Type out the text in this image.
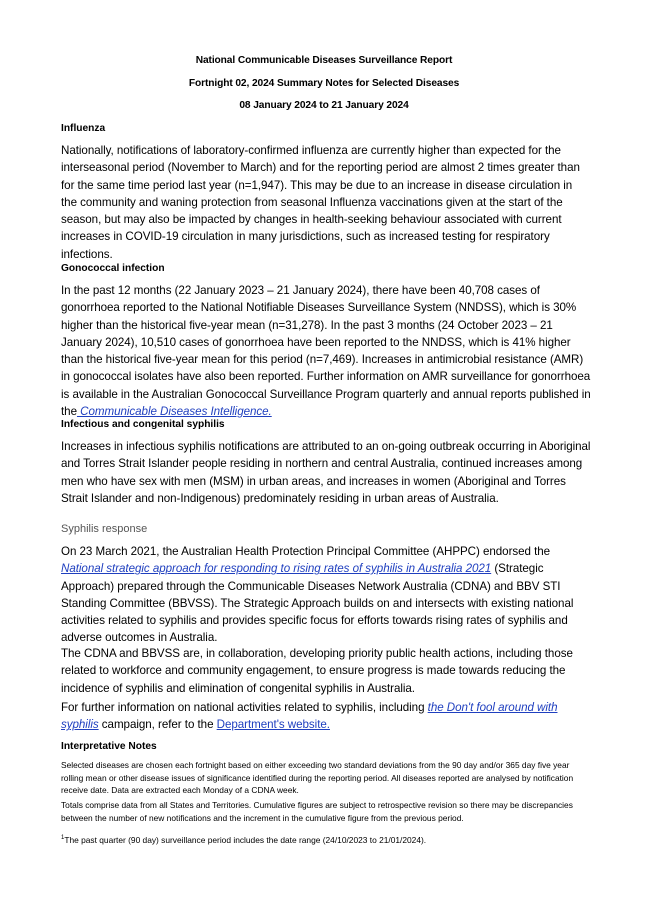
National Communicable Diseases Surveillance Report
Fortnight 02, 2024 Summary Notes for Selected Diseases
08 January 2024 to 21 January 2024
Influenza

Nationally, notifications of laboratory-confirmed influenza are currently higher than expected for the interseasonal period (November to March) and for the reporting period are almost 2 times greater than for the same time period last year (n=1,947). This may be due to an increase in disease circulation in the community and waning protection from seasonal Influenza vaccinations given at the start of the season, but may also be impacted by changes in health-seeking behaviour associated with current increases in COVID-19 circulation in many jurisdictions, such as increased testing for respiratory infections.

Gonococcal infection

In the past 12 months (22 January 2023 – 21 January 2024), there have been 40,708 cases of gonorrhoea reported to the National Notifiable Diseases Surveillance System (NNDSS), which is 30% higher than the historical five-year mean (n=31,278). In the past 3 months (24 October 2023 – 21 January 2024), 10,510 cases of gonorrhoea have been reported to the NNDSS, which is 41% higher than the historical five-year mean for this period (n=7,469). Increases in antimicrobial resistance (AMR) in gonococcal isolates have also been reported. Further information on AMR surveillance for gonorrhoea is available in the Australian Gonococcal Surveillance Program quarterly and annual reports published in the Communicable Diseases Intelligence.

Infectious and congenital syphilis

Increases in infectious syphilis notifications are attributed to an on-going outbreak occurring in Aboriginal and Torres Strait Islander people residing in northern and central Australia, continued increases among men who have sex with men (MSM) in urban areas, and increases in women (Aboriginal and Torres Strait Islander and non-Indigenous) predominately residing in urban areas of Australia.

Syphilis response

On 23 March 2021, the Australian Health Protection Principal Committee (AHPPC) endorsed the National strategic approach for responding to rising rates of syphilis in Australia 2021 (Strategic Approach) prepared through the Communicable Diseases Network Australia (CDNA) and BBV STI Standing Committee (BBVSS). The Strategic Approach builds on and intersects with existing national activities related to syphilis and provides specific focus for efforts towards rising rates of syphilis and adverse outcomes in Australia.

The CDNA and BBVSS are, in collaboration, developing priority public health actions, including those related to workforce and community engagement, to ensure progress is made towards reducing the incidence of syphilis and elimination of congenital syphilis in Australia.

For further information on national activities related to syphilis, including the Don't fool around with syphilis campaign, refer to the Department's website.

Interpretative Notes

Selected diseases are chosen each fortnight based on either exceeding two standard deviations from the 90 day and/or 365 day five year rolling mean or other disease issues of significance identified during the reporting period. All diseases reported are analysed by notification receive date. Data are extracted each Monday of a CDNA week.

Totals comprise data from all States and Territories. Cumulative figures are subject to retrospective revision so there may be discrepancies between the number of new notifications and the increment in the cumulative figure from the previous period.

$^1$The past quarter (90 day) surveillance period includes the date range (24/10/2023 to 21/01/2024).
